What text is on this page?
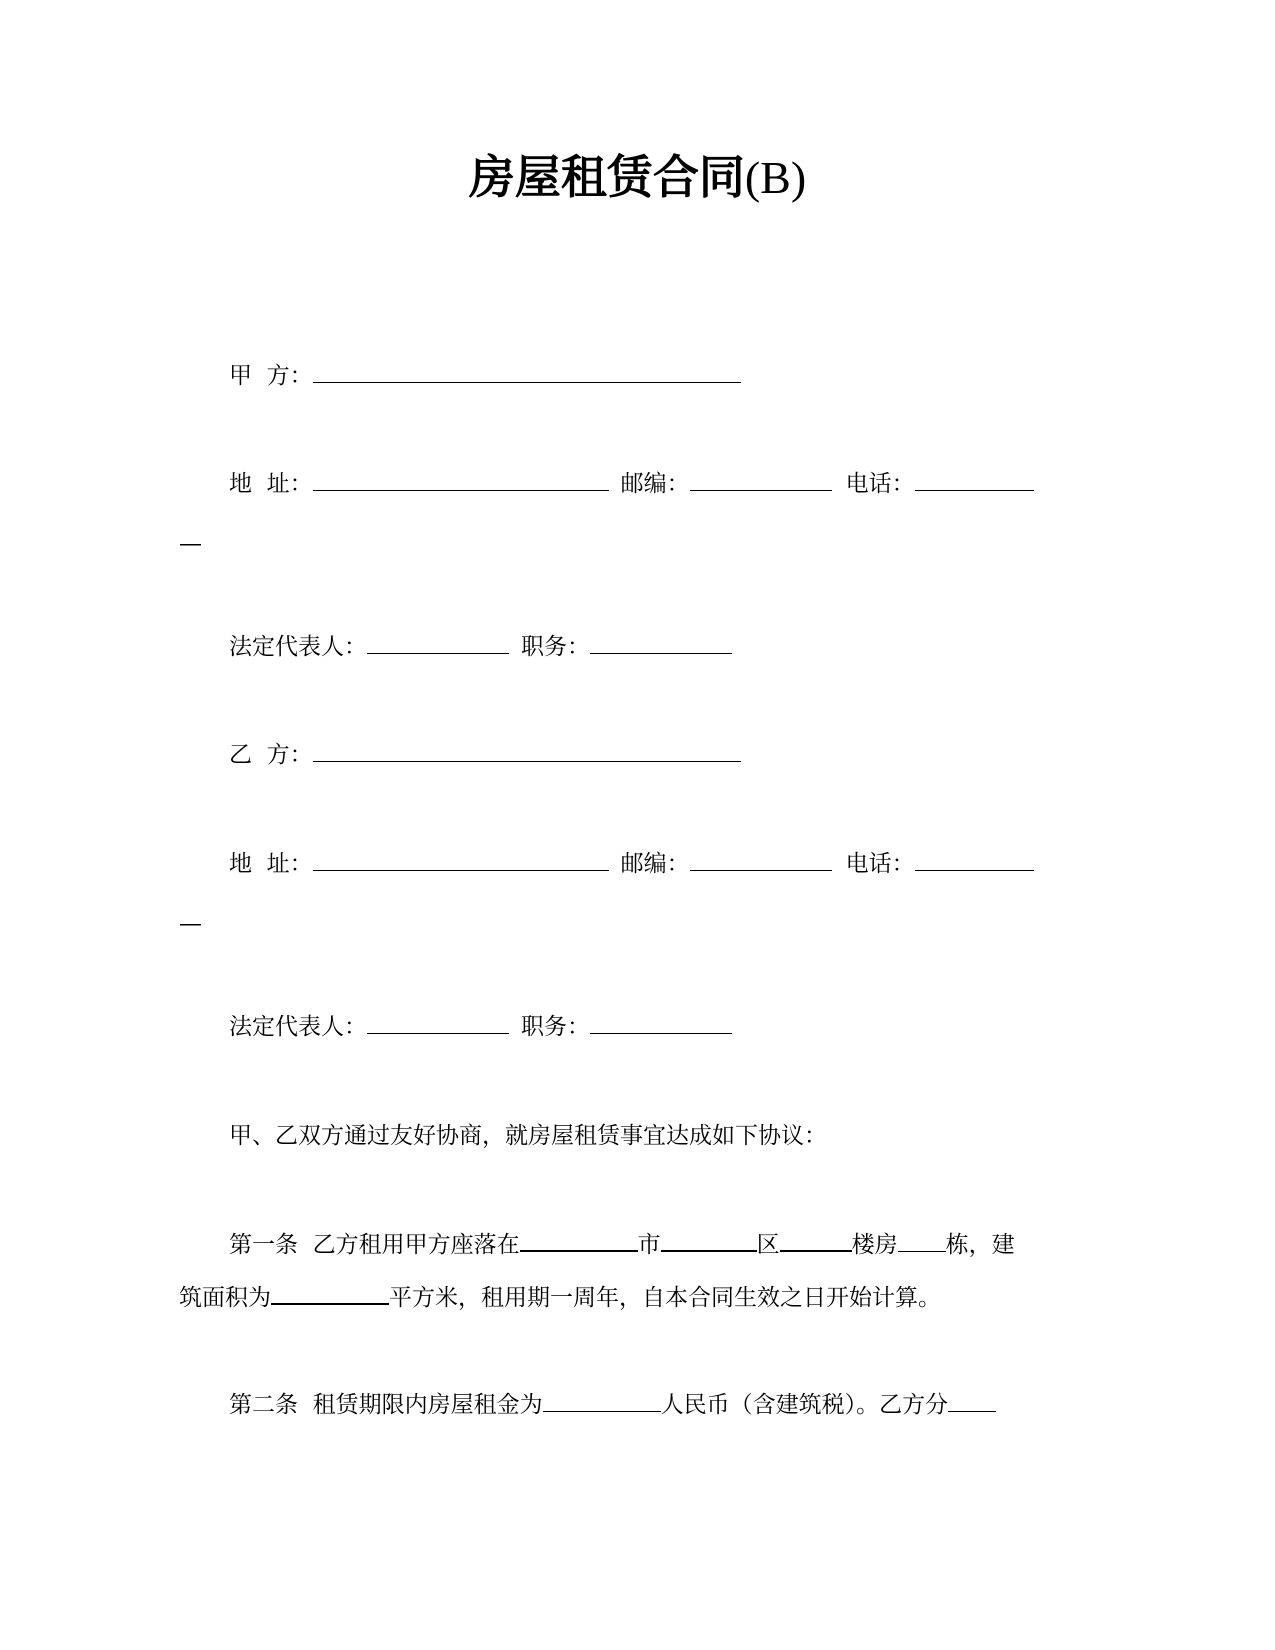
房屋租赁合同(B)
甲  方：
地  址：	邮编：	电话：
—
法定代表人：	职务：
乙  方：
地  址：	邮编：	电话：
—
法定代表人：	职务：
甲、乙双方通过友好协商，就房屋租赁事宜达成如下协议：
第一条  乙方租用甲方座落在	市	区	楼房 栋，建
筑面积为	平方米，租用期一周年，自本合同生效之日开始计算。
第二条  租赁期限内房屋租金为	人民币（含建筑税）。乙方分
